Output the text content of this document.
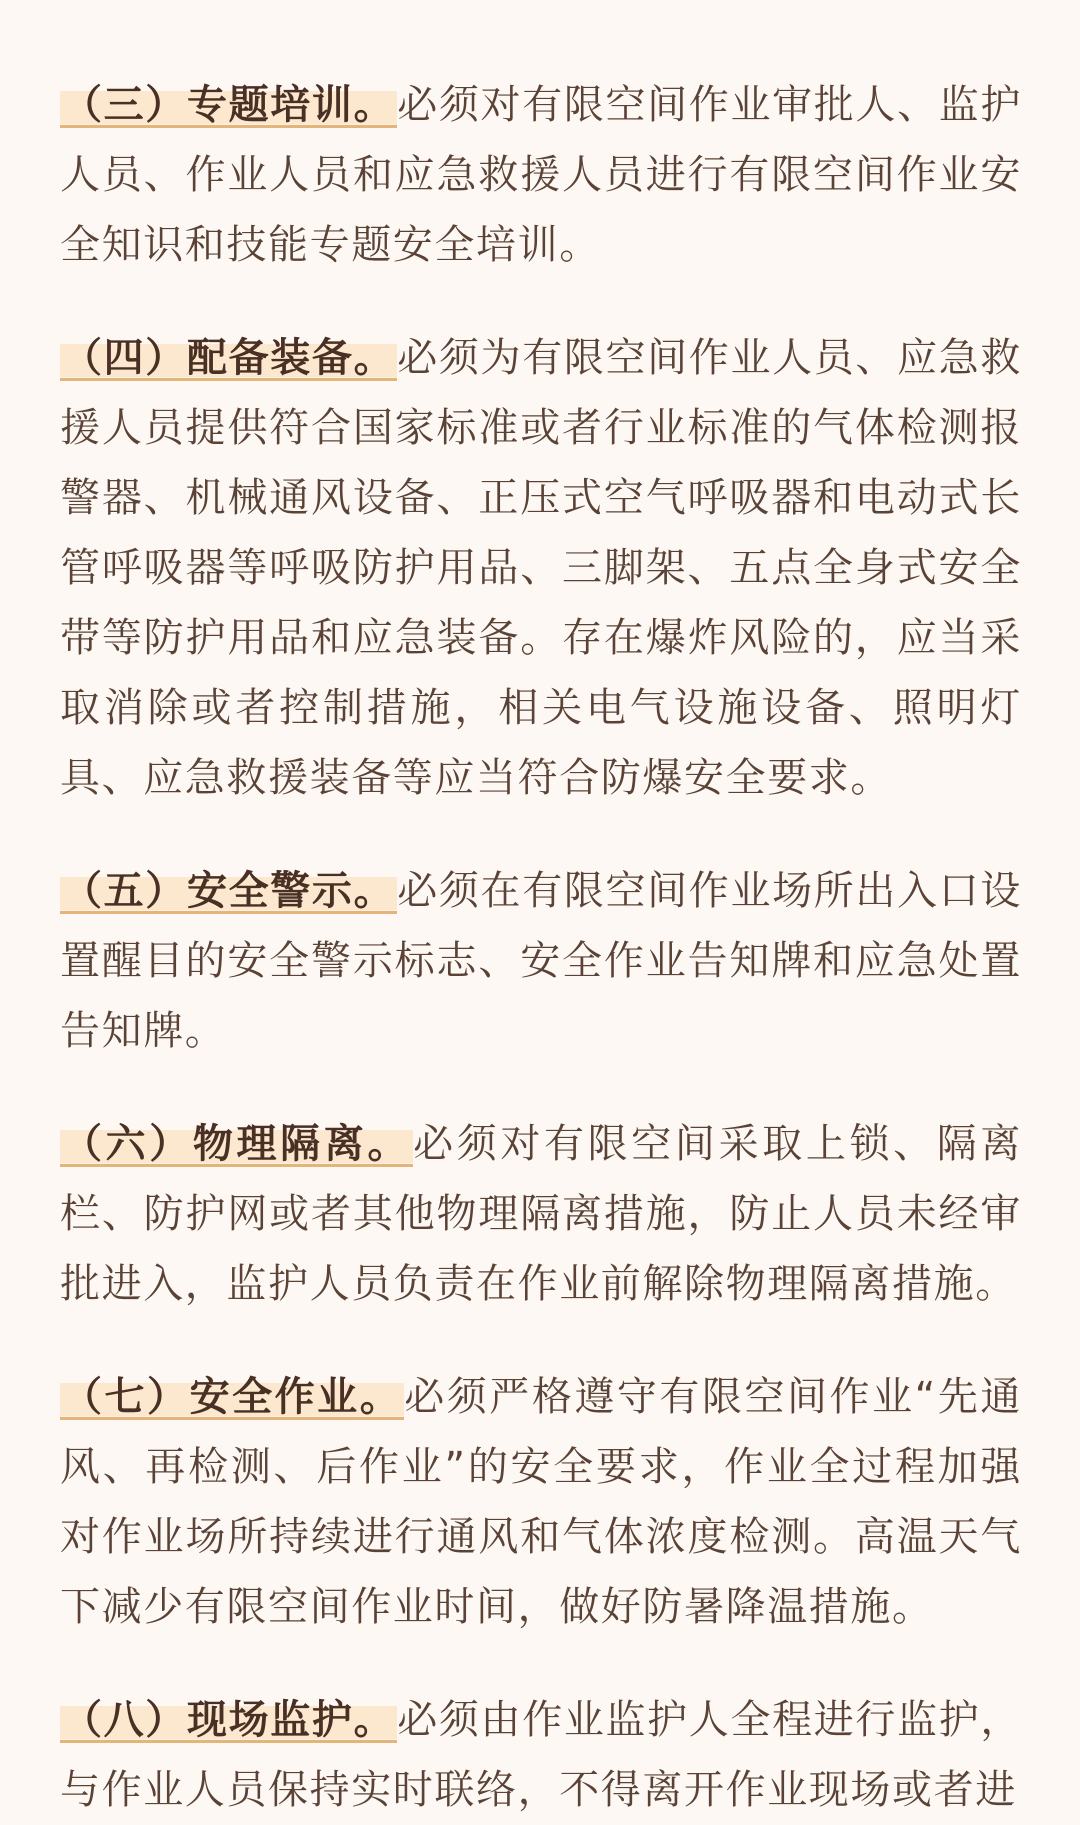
（三）专题培训。必须对有限空间作业审批人、监护人员、作业人员和应急救援人员进行有限空间作业安全知识和技能专题安全培训。

（四）配备装备。必须为有限空间作业人员、应急救援人员提供符合国家标准或者行业标准的气体检测报警器、机械通风设备、正压式空气呼吸器和电动式长管呼吸器等呼吸防护用品、三脚架、五点全身式安全带等防护用品和应急装备。存在爆炸风险的，应当采取消除或者控制措施，相关电气设施设备、照明灯具、应急救援装备等应当符合防爆安全要求。

（五）安全警示。必须在有限空间作业场所出入口设置醒目的安全警示标志、安全作业告知牌和应急处置告知牌。

（六）物理隔离。必须对有限空间采取上锁、隔离栏、防护网或者其他物理隔离措施，防止人员未经审批进入，监护人员负责在作业前解除物理隔离措施。

（七）安全作业。必须严格遵守有限空间作业“先通风、再检测、后作业”的安全要求，作业全过程加强对作业场所持续进行通风和气体浓度检测。高温天气下减少有限空间作业时间，做好防暑降温措施。

（八）现场监护。必须由作业监护人全程进行监护，与作业人员保持实时联络，不得离开作业现场或者进
